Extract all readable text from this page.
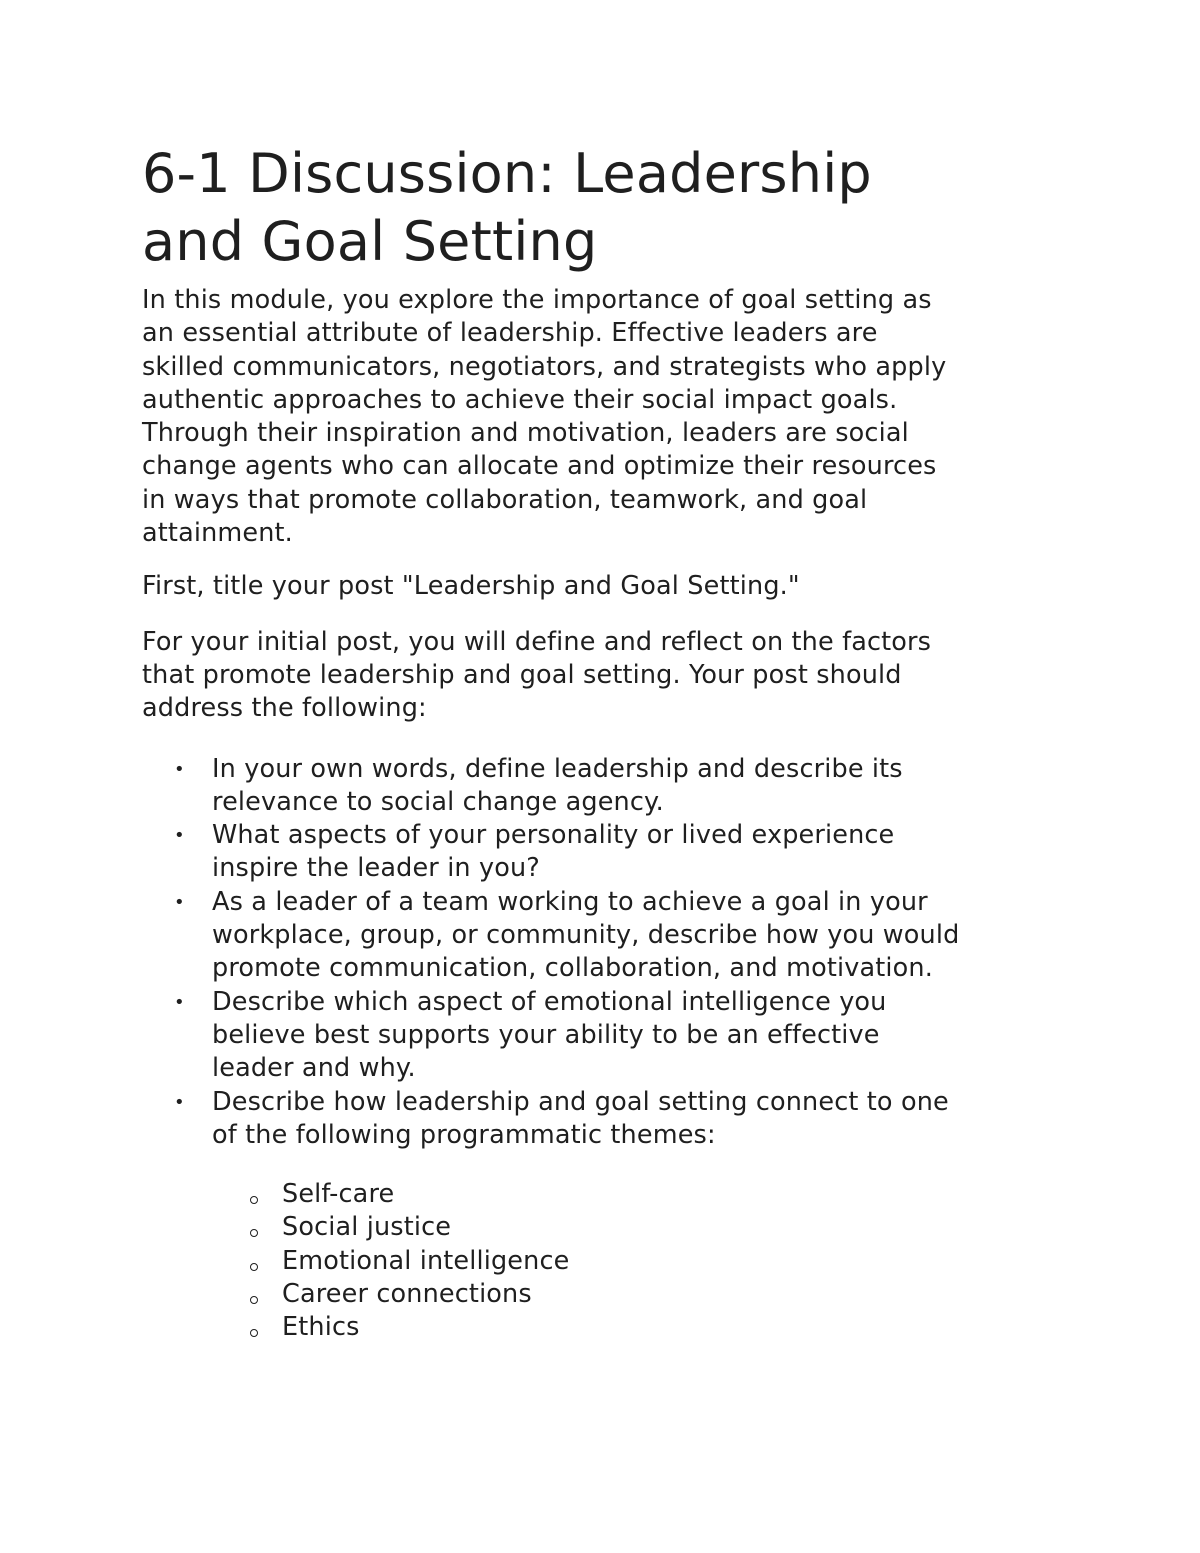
6-1 Discussion: Leadership
and Goal Setting

In this module, you explore the importance of goal setting as
an essential attribute of leadership. Effective leaders are
skilled communicators, negotiators, and strategists who apply
authentic approaches to achieve their social impact goals.
Through their inspiration and motivation, leaders are social
change agents who can allocate and optimize their resources
in ways that promote collaboration, teamwork, and goal
attainment.

First, title your post "Leadership and Goal Setting."

For your initial post, you will define and reflect on the factors
that promote leadership and goal setting. Your post should
address the following:

• In your own words, define leadership and describe its
relevance to social change agency.
• What aspects of your personality or lived experience
inspire the leader in you?
• As a leader of a team working to achieve a goal in your
workplace, group, or community, describe how you would
promote communication, collaboration, and motivation.
• Describe which aspect of emotional intelligence you
believe best supports your ability to be an effective
leader and why.
• Describe how leadership and goal setting connect to one
of the following programmatic themes:
Self-care
Social justice
Emotional intelligence
Career connections
Ethics
